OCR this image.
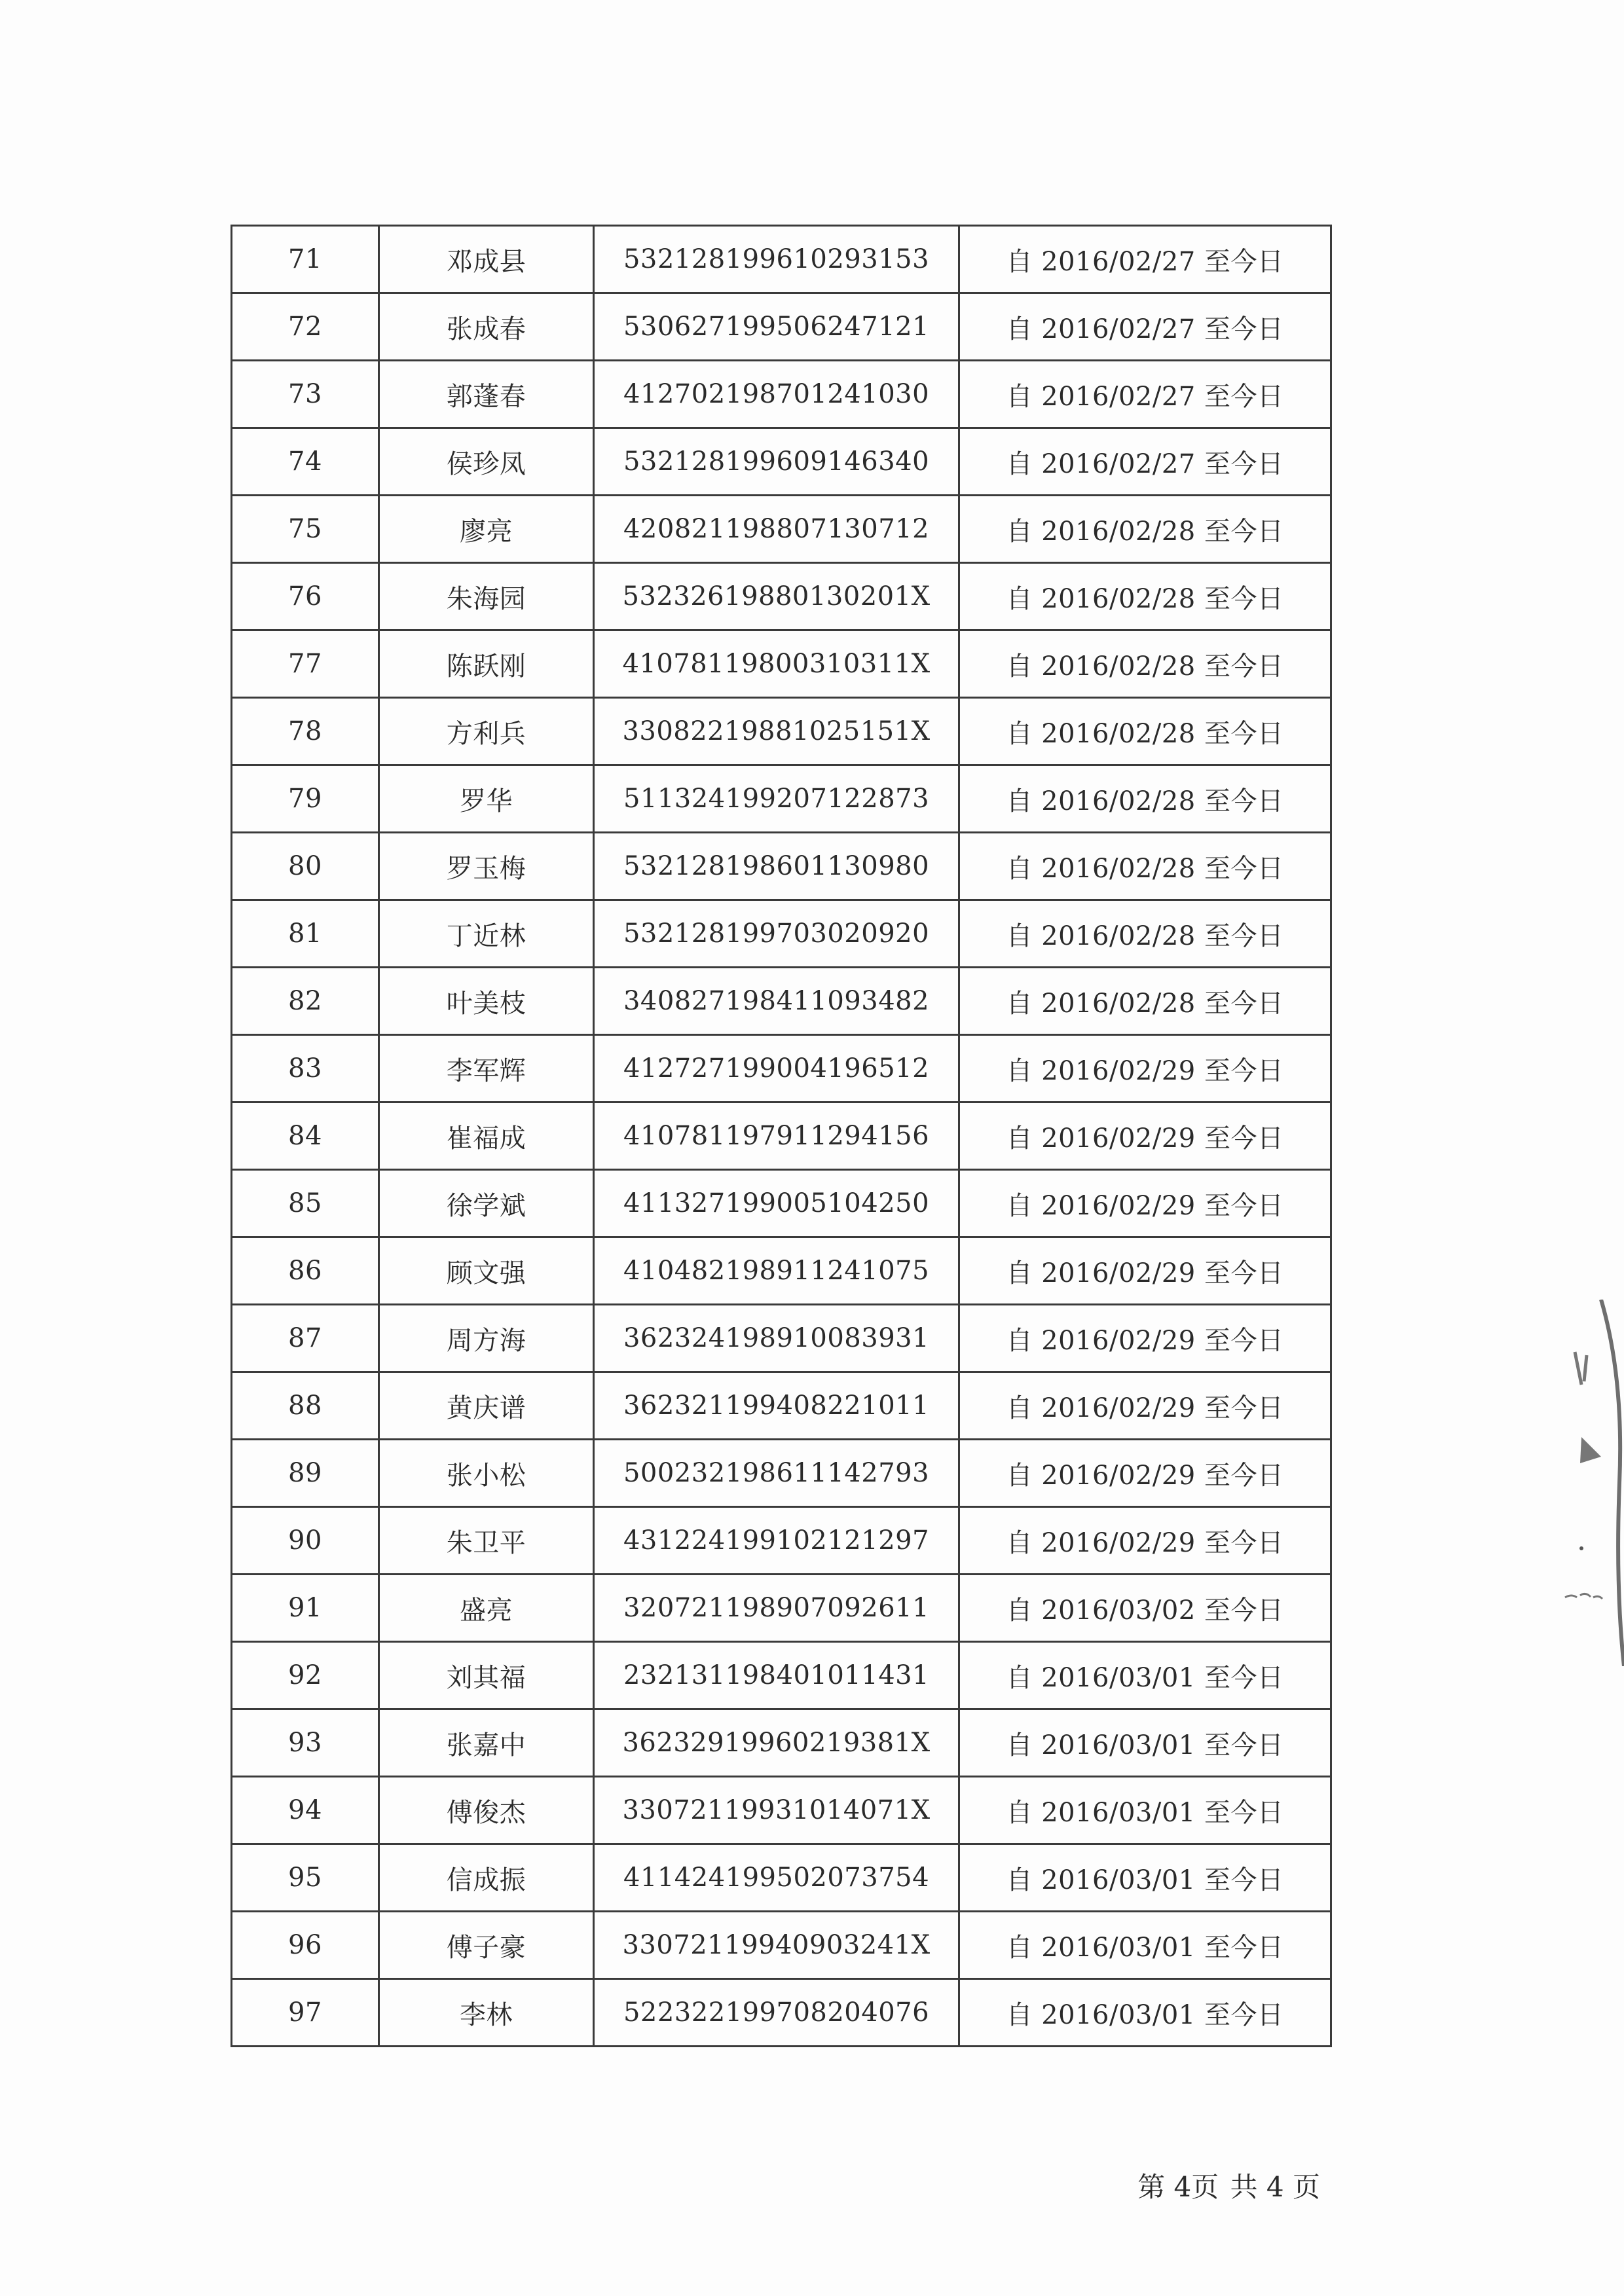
71	邓成县	532128199610293153	自 2016/02/27 至今日
72	张成春	530627199506247121	自 2016/02/27 至今日
73	郭蓬春	412702198701241030	自 2016/02/27 至今日
74	侯珍凤	532128199609146340	自 2016/02/27 至今日
75	廖亮	420821198807130712	自 2016/02/28 至今日
76	朱海园	53232619880130201X	自 2016/02/28 至今日
77	陈跃刚	41078119800310311X	自 2016/02/28 至今日
78	方利兵	33082219881025151X	自 2016/02/28 至今日
79	罗华	511324199207122873	自 2016/02/28 至今日
80	罗玉梅	532128198601130980	自 2016/02/28 至今日
81	丁近林	532128199703020920	自 2016/02/28 至今日
82	叶美枝	340827198411093482	自 2016/02/28 至今日
83	李军辉	412727199004196512	自 2016/02/29 至今日
84	崔福成	410781197911294156	自 2016/02/29 至今日
85	徐学斌	411327199005104250	自 2016/02/29 至今日
86	顾文强	410482198911241075	自 2016/02/29 至今日
87	周方海	362324198910083931	自 2016/02/29 至今日
88	黄庆谱	362321199408221011	自 2016/02/29 至今日
89	张小松	500232198611142793	自 2016/02/29 至今日
90	朱卫平	431224199102121297	自 2016/02/29 至今日
91	盛亮	320721198907092611	自 2016/03/02 至今日
92	刘其福	232131198401011431	自 2016/03/01 至今日
93	张嘉中	36232919960219381X	自 2016/03/01 至今日
94	傅俊杰	33072119931014071X	自 2016/03/01 至今日
95	信成振	411424199502073754	自 2016/03/01 至今日
96	傅子豪	33072119940903241X	自 2016/03/01 至今日
97	李林	522322199708204076	自 2016/03/01 至今日
第 4页 共 4 页
